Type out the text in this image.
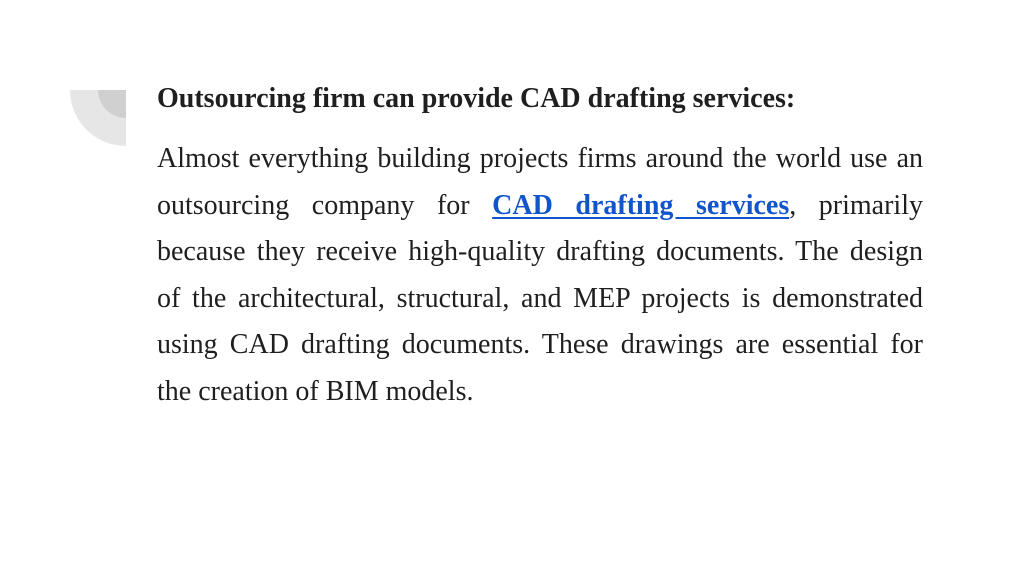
Outsourcing firm can provide CAD drafting services:

Almost everything building projects firms around the world use an outsourcing company for CAD drafting services, primarily because they receive high-quality drafting documents. The design of the architectural, structural, and MEP projects is demonstrated using CAD drafting documents. These drawings are essential for the creation of BIM models.
